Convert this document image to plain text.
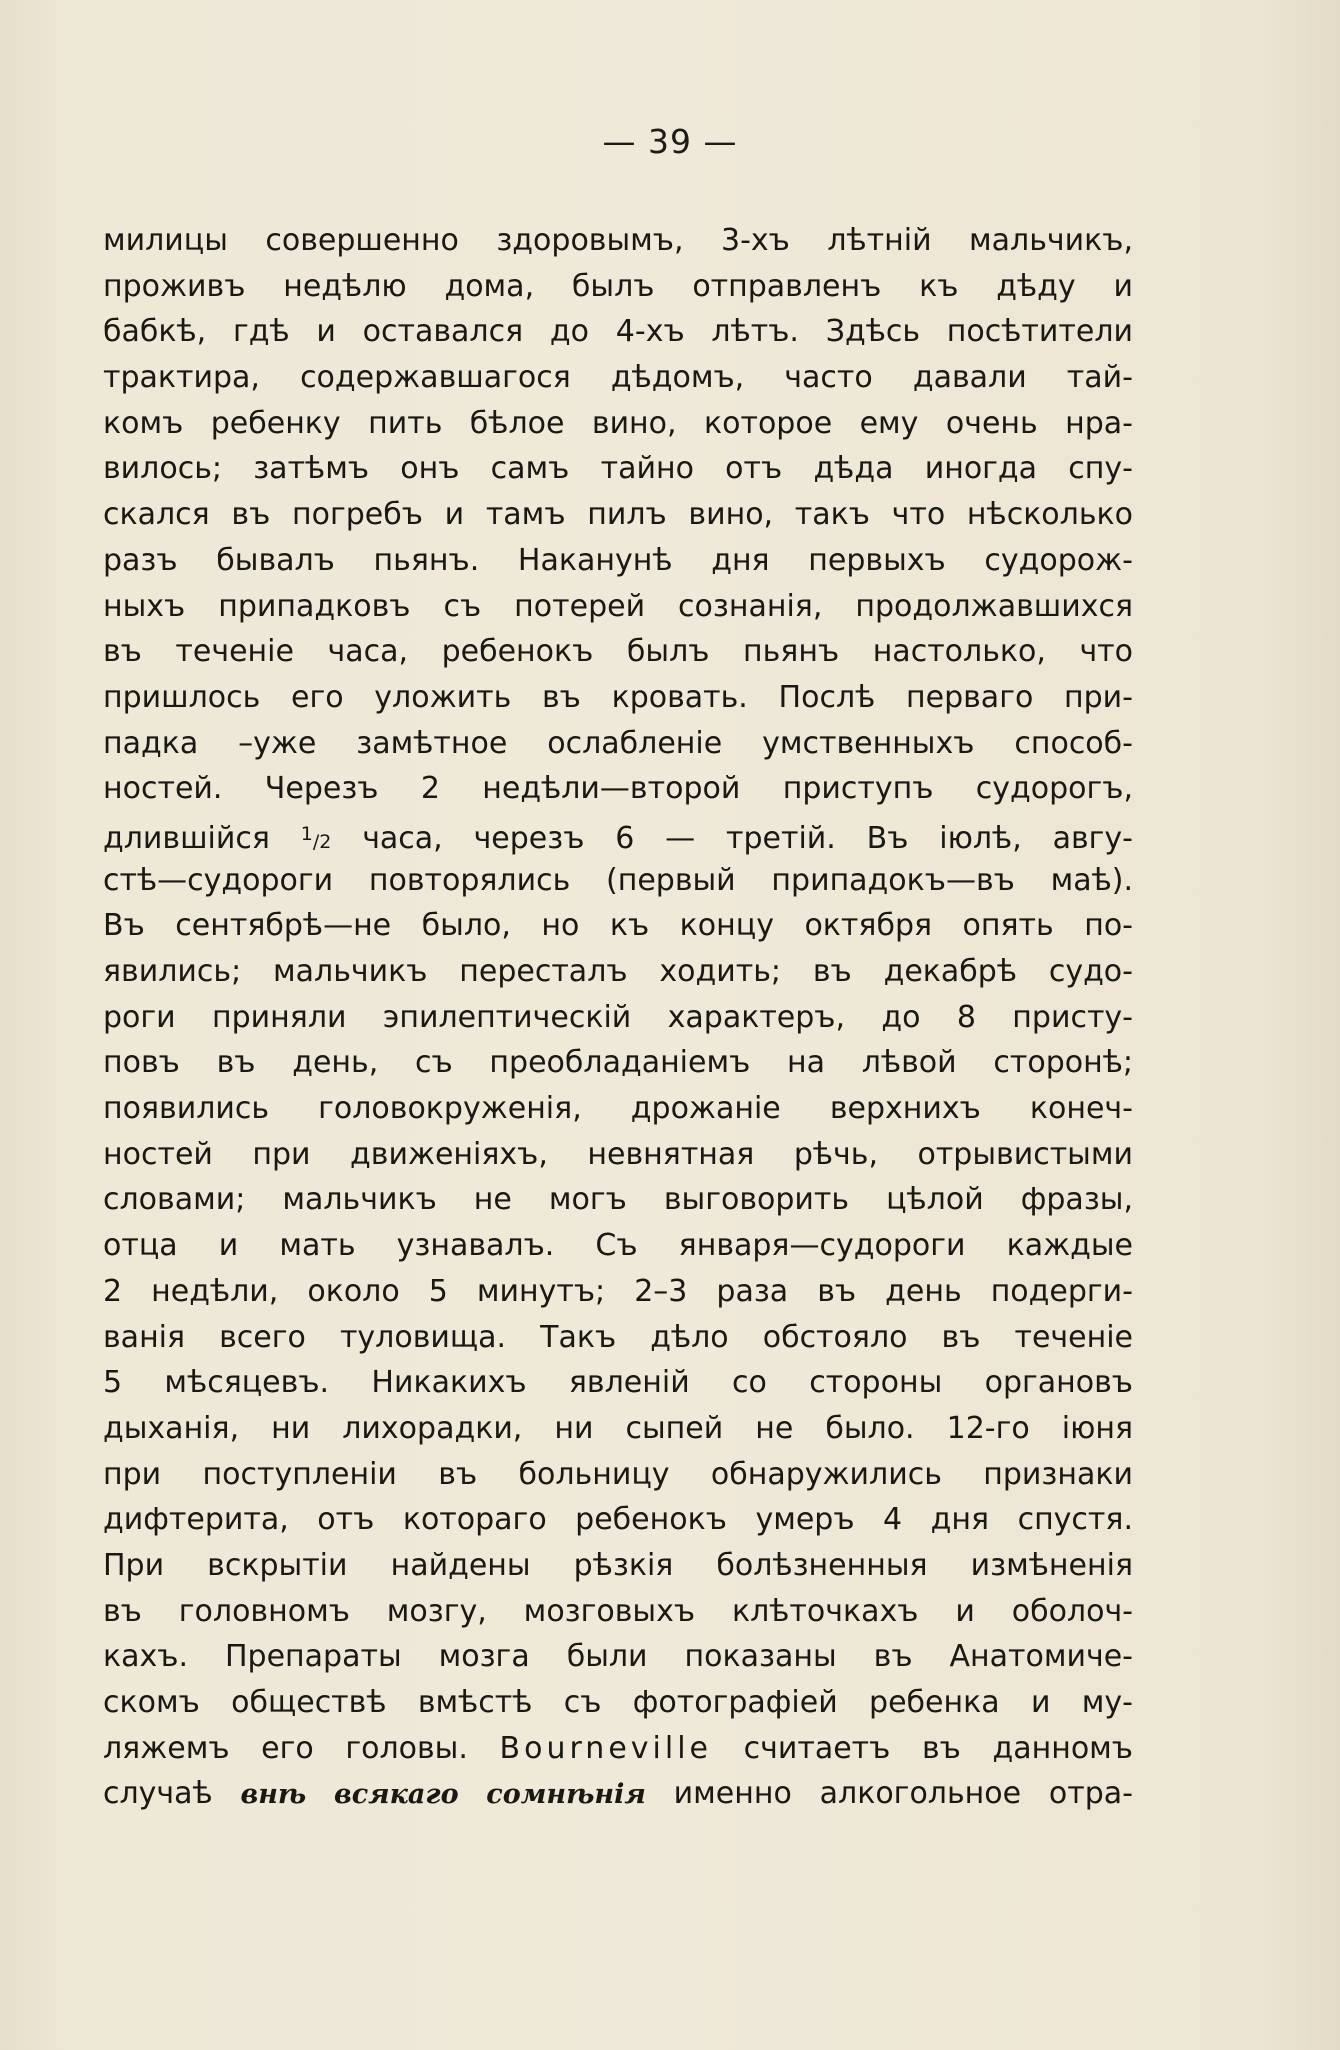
— 39 —
милицы совершенно здоровымъ, 3-хъ лѣтній мальчикъ,
проживъ недѣлю дома, былъ отправленъ къ дѣду и
бабкѣ, гдѣ и оставался до 4-хъ лѣтъ. Здѣсь посѣтители
трактира, содержавшагося дѣдомъ, часто давали тай-
комъ ребенку пить бѣлое вино, которое ему очень нра-
вилось; затѣмъ онъ самъ тайно отъ дѣда иногда спу-
скался въ погребъ и тамъ пилъ вино, такъ что нѣсколько
разъ бывалъ пьянъ. Наканунѣ дня первыхъ судорож-
ныхъ припадковъ съ потерей сознанія, продолжавшихся
въ теченіе часа, ребенокъ былъ пьянъ настолько, что
пришлось его уложить въ кровать. Послѣ перваго при-
падка –уже замѣтное ослабленіе умственныхъ способ-
ностей. Черезъ 2 недѣли—второй приступъ судорогъ,
длившійся $^1$/2 часа, черезъ 6 — третій. Въ іюлѣ, авгу-
стѣ—судороги повторялись (первый припадокъ—въ маѣ).
Въ сентябрѣ—не было, но къ концу октября опять по-
явились; мальчикъ пересталъ ходить; въ декабрѣ судо-
роги приняли эпилептическій характеръ, до 8 присту-
повъ въ день, съ преобладаніемъ на лѣвой сторонѣ;
появились головокруженія, дрожаніе верхнихъ конеч-
ностей при движеніяхъ, невнятная рѣчь, отрывистыми
словами; мальчикъ не могъ выговорить цѣлой фразы,
отца и мать узнавалъ. Съ января—судороги каждые
2 недѣли, около 5 минутъ; 2–3 раза въ день подерги-
ванія всего туловища. Такъ дѣло обстояло въ теченіе
5 мѣсяцевъ. Никакихъ явленій со стороны органовъ
дыханія, ни лихорадки, ни сыпей не было. 12-го іюня
при поступленіи въ больницу обнаружились признаки
дифтерита, отъ котораго ребенокъ умеръ 4 дня спустя.
При вскрытіи найдены рѣзкія болѣзненныя измѣненія
въ головномъ мозгу, мозговыхъ клѣточкахъ и оболоч-
кахъ. Препараты мозга были показаны въ Анатомиче-
скомъ обществѣ вмѣстѣ съ фотографіей ребенка и му-
ляжемъ его головы. Bourneville считаетъ въ данномъ
случаѣ внѣ всякаго сомнѣнія именно алкогольное отра-
